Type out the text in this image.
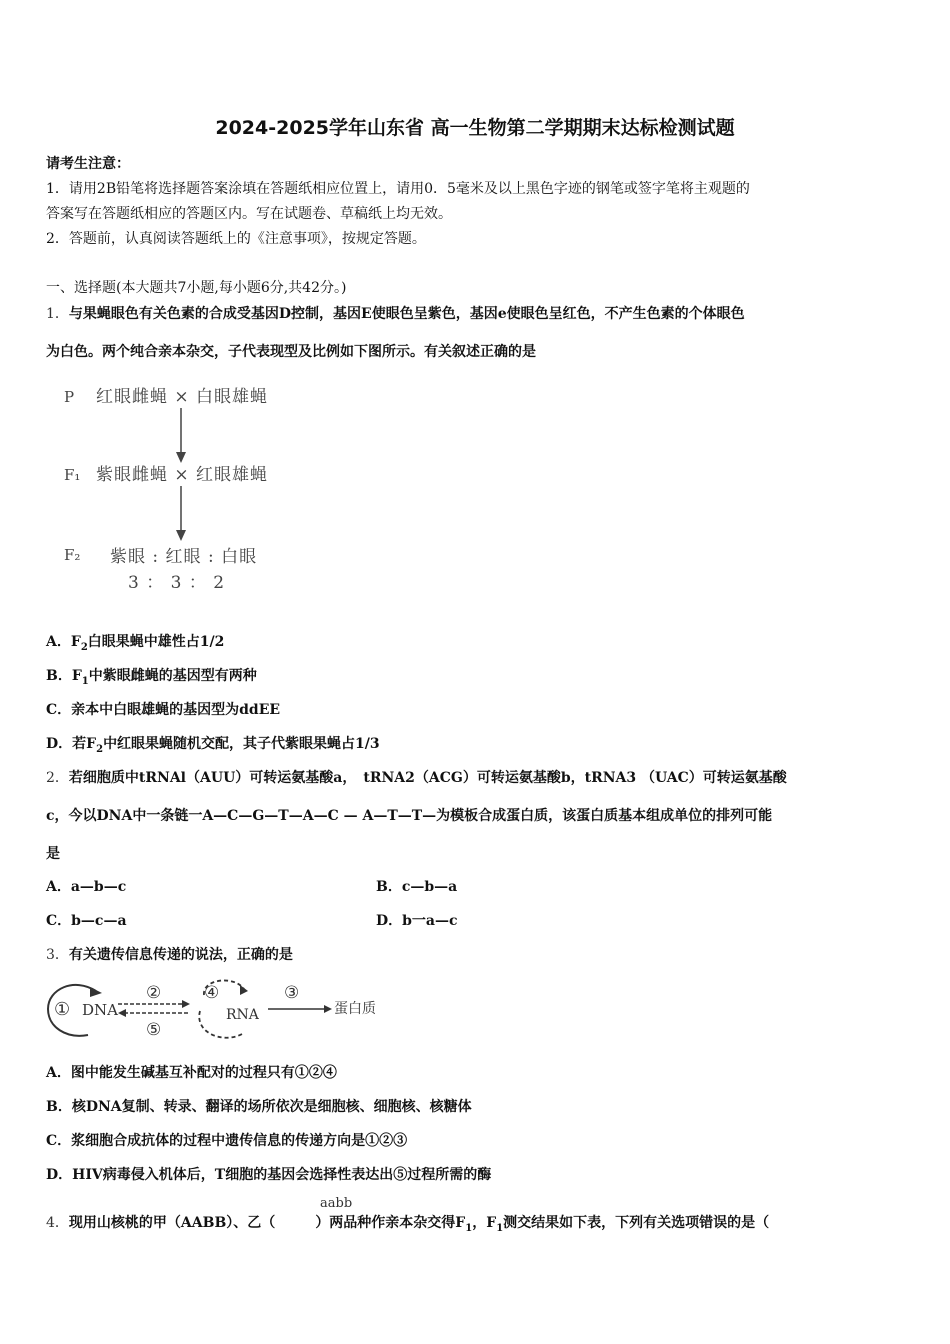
2024-2025学年山东省 高一生物第二学期期末达标检测试题
请考生注意：
1．请用2B铅笔将选择题答案涂填在答题纸相应位置上，请用0．5毫米及以上黑色字迹的钢笔或签字笔将主观题的
答案写在答题纸相应的答题区内。写在试题卷、草稿纸上均无效。
2．答题前，认真阅读答题纸上的《注意事项》，按规定答题。
一、选择题(本大题共7小题,每小题6分,共42分。)
1．与果蝇眼色有关色素的合成受基因D控制，基因E使眼色呈紫色，基因e使眼色呈红色，不产生色素的个体眼色
为白色。两个纯合亲本杂交，子代表现型及比例如下图所示。有关叙述正确的是
P 红眼雌蝇 × 白眼雄蝇
F₁ 紫眼雌蝇 × 红眼雄蝇
F₂ 紫眼 : 红眼 : 白眼
3 ： 3 ： 2
A．$F_2$白眼果蝇中雄性占1/2
B．$F_1$中紫眼雌蝇的基因型有两种
C．亲本中白眼雄蝇的基因型为ddEE
D．若$F_2$中红眼果蝇随机交配，其子代紫眼果蝇占1/3
2．若细胞质中tRNAl（AUU）可转运氨基酸a，　tRNA2（ACG）可转运氨基酸b，tRNA3 （UAC）可转运氨基酸
c，今以DNA中一条链一A—C—G—T—A—C — A—T—T—为模板合成蛋白质，该蛋白质基本组成单位的排列可能
是
A．a—b—c	B．c—b—a
C．b—c—a	D．b一a—c
3．有关遗传信息传递的说法，正确的是
① DNA
②
⑤
④
RNA
③
蛋白质
A．图中能发生碱基互补配对的过程只有①②④
B．核DNA复制、转录、翻译的场所依次是细胞核、细胞核、核糖体
C．浆细胞合成抗体的过程中遗传信息的传递方向是①②③
D．HIV病毒侵入机体后，T细胞的基因会选择性表达出⑤过程所需的酶
aabb
4．现用山核桃的甲（AABB）、乙（	）两品种作亲本杂交得$F_1$，$F_1$测交结果如下表，下列有关选项错误的是（
